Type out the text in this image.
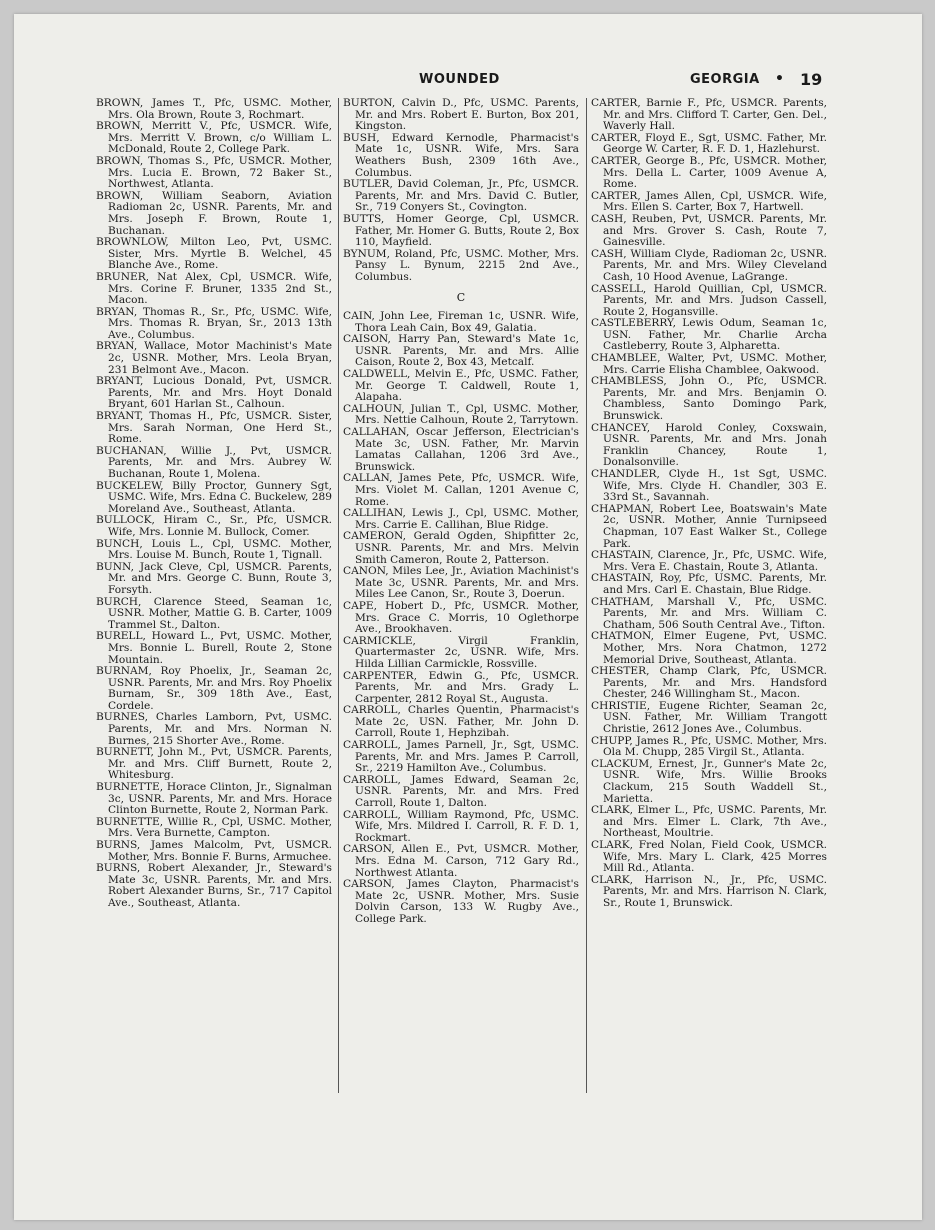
WOUNDED	GEORGIA • 19

BROWN, James T., Pfc, USMC. Mother, Mrs. Ola Brown, Route 3, Rochmart.

BROWN, Merritt V., Pfc, USMCR. Wife, Mrs. Merritt V. Brown, c/o William L. McDonald, Route 2, College Park.

BROWN, Thomas S., Pfc, USMCR. Mother, Mrs. Lucia E. Brown, 72 Baker St., Northwest, Atlanta.

BROWN, William Seaborn, Aviation Radioman 2c, USNR. Parents, Mr. and Mrs. Joseph F. Brown, Route 1, Buchanan.

BROWNLOW, Milton Leo, Pvt, USMC. Sister, Mrs. Myrtle B. Welchel, 45 Blanche Ave., Rome.

BRUNER, Nat Alex, Cpl, USMCR. Wife, Mrs. Corine F. Bruner, 1335 2nd St., Macon.

BRYAN, Thomas R., Sr., Pfc, USMC. Wife, Mrs. Thomas R. Bryan, Sr., 2013 13th Ave., Columbus.

BRYAN, Wallace, Motor Machinist's Mate 2c, USNR. Mother, Mrs. Leola Bryan, 231 Belmont Ave., Macon.

BRYANT, Lucious Donald, Pvt, USMCR. Parents, Mr. and Mrs. Hoyt Donald Bryant, 601 Harlan St., Calhoun.

BRYANT, Thomas H., Pfc, USMCR. Sister, Mrs. Sarah Norman, One Herd St., Rome.

BUCHANAN, Willie J., Pvt, USMCR. Parents, Mr. and Mrs. Aubrey W. Buchanan, Route 1, Molena.

BUCKELEW, Billy Proctor, Gunnery Sgt, USMC. Wife, Mrs. Edna C. Buckelew, 289 Moreland Ave., Southeast, Atlanta.

BULLOCK, Hiram C., Sr., Pfc, USMCR. Wife, Mrs. Lonnie M. Bullock, Comer.

BUNCH, Louis L., Cpl, USMC. Mother, Mrs. Louise M. Bunch, Route 1, Tignall.

BUNN, Jack Cleve, Cpl, USMCR. Parents, Mr. and Mrs. George C. Bunn, Route 3, Forsyth.

BURCH, Clarence Steed, Seaman 1c, USNR. Mother, Mattie G. B. Carter, 1009 Trammel St., Dalton.

BURELL, Howard L., Pvt, USMC. Mother, Mrs. Bonnie L. Burell, Route 2, Stone Mountain.

BURNAM, Roy Phoelix, Jr., Seaman 2c, USNR. Parents, Mr. and Mrs. Roy Phoelix Burnam, Sr., 309 18th Ave., East, Cordele.

BURNES, Charles Lamborn, Pvt, USMC. Parents, Mr. and Mrs. Norman N. Burnes, 215 Shorter Ave., Rome.

BURNETT, John M., Pvt, USMCR. Parents, Mr. and Mrs. Cliff Burnett, Route 2, Whitesburg.

BURNETTE, Horace Clinton, Jr., Signalman 3c, USNR. Parents, Mr. and Mrs. Horace Clinton Burnette, Route 2, Norman Park.

BURNETTE, Willie R., Cpl, USMC. Mother, Mrs. Vera Burnette, Campton.

BURNS, James Malcolm, Pvt, USMCR. Mother, Mrs. Bonnie F. Burns, Armuchee.

BURNS, Robert Alexander, Jr., Steward's Mate 3c, USNR. Parents, Mr. and Mrs. Robert Alexander Burns, Sr., 717 Capitol Ave., Southeast, Atlanta.

BURTON, Calvin D., Pfc, USMC. Parents, Mr. and Mrs. Robert E. Burton, Box 201, Kingston.

BUSH, Edward Kernodle, Pharmacist's Mate 1c, USNR. Wife, Mrs. Sara Weathers Bush, 2309 16th Ave., Columbus.

BUTLER, David Coleman, Jr., Pfc, USMCR. Parents, Mr. and Mrs. David C. Butler, Sr., 719 Conyers St., Covington.

BUTTS, Homer George, Cpl, USMCR. Father, Mr. Homer G. Butts, Route 2, Box 110, Mayfield.

BYNUM, Roland, Pfc, USMC. Mother, Mrs. Pansy L. Bynum, 2215 2nd Ave., Columbus.

C

CAIN, John Lee, Fireman 1c, USNR. Wife, Thora Leah Cain, Box 49, Galatia.

CAISON, Harry Pan, Steward's Mate 1c, USNR. Parents, Mr. and Mrs. Allie Caison, Route 2, Box 43, Metcalf.

CALDWELL, Melvin E., Pfc, USMC. Father, Mr. George T. Caldwell, Route 1, Alapaha.

CALHOUN, Julian T., Cpl, USMC. Mother, Mrs. Nettie Calhoun, Route 2, Tarrytown.

CALLAHAN, Oscar Jefferson, Electrician's Mate 3c, USN. Father, Mr. Marvin Lamatas Callahan, 1206 3rd Ave., Brunswick.

CALLAN, James Pete, Pfc, USMCR. Wife, Mrs. Violet M. Callan, 1201 Avenue C, Rome.

CALLIHAN, Lewis J., Cpl, USMC. Mother, Mrs. Carrie E. Callihan, Blue Ridge.

CAMERON, Gerald Ogden, Shipfitter 2c, USNR. Parents, Mr. and Mrs. Melvin Smith Cameron, Route 2, Patterson.

CANON, Miles Lee, Jr., Aviation Machinist's Mate 3c, USNR. Parents, Mr. and Mrs. Miles Lee Canon, Sr., Route 3, Doerun.

CAPE, Hobert D., Pfc, USMCR. Mother, Mrs. Grace C. Morris, 10 Oglethorpe Ave., Brookhaven.

CARMICKLE, Virgil Franklin, Quartermaster 2c, USNR. Wife, Mrs. Hilda Lillian Carmickle, Rossville.

CARPENTER, Edwin G., Pfc, USMCR. Parents, Mr. and Mrs. Grady L. Carpenter, 2812 Royal St., Augusta.

CARROLL, Charles Quentin, Pharmacist's Mate 2c, USN. Father, Mr. John D. Carroll, Route 1, Hephzibah.

CARROLL, James Parnell, Jr., Sgt, USMC. Parents, Mr. and Mrs. James P. Carroll, Sr., 2219 Hamilton Ave., Columbus.

CARROLL, James Edward, Seaman 2c, USNR. Parents, Mr. and Mrs. Fred Carroll, Route 1, Dalton.

CARROLL, William Raymond, Pfc, USMC. Wife, Mrs. Mildred I. Carroll, R. F. D. 1, Rockmart.

CARSON, Allen E., Pvt, USMCR. Mother, Mrs. Edna M. Carson, 712 Gary Rd., Northwest Atlanta.

CARSON, James Clayton, Pharmacist's Mate 2c, USNR. Mother, Mrs. Susie Dolvin Carson, 133 W. Rugby Ave., College Park.

CARTER, Barnie F., Pfc, USMCR. Parents, Mr. and Mrs. Clifford T. Carter, Gen. Del., Waverly Hall.

CARTER, Floyd E., Sgt, USMC. Father, Mr. George W. Carter, R. F. D. 1, Hazlehurst.

CARTER, George B., Pfc, USMCR. Mother, Mrs. Della L. Carter, 1009 Avenue A, Rome.

CARTER, James Allen, Cpl, USMCR. Wife, Mrs. Ellen S. Carter, Box 7, Hartwell.

CASH, Reuben, Pvt, USMCR. Parents, Mr. and Mrs. Grover S. Cash, Route 7, Gainesville.

CASH, William Clyde, Radioman 2c, USNR. Parents, Mr. and Mrs. Wiley Cleveland Cash, 10 Hood Avenue, LaGrange.

CASSELL, Harold Quillian, Cpl, USMCR. Parents, Mr. and Mrs. Judson Cassell, Route 2, Hogansville.

CASTLEBERRY, Lewis Odum, Seaman 1c, USN. Father, Mr. Charlie Archa Castleberry, Route 3, Alpharetta.

CHAMBLEE, Walter, Pvt, USMC. Mother, Mrs. Carrie Elisha Chamblee, Oakwood.

CHAMBLESS, John O., Pfc, USMCR. Parents, Mr. and Mrs. Benjamin O. Chambless, Santo Domingo Park, Brunswick.

CHANCEY, Harold Conley, Coxswain, USNR. Parents, Mr. and Mrs. Jonah Franklin Chancey, Route 1, Donalsonville.

CHANDLER, Clyde H., 1st Sgt, USMC. Wife, Mrs. Clyde H. Chandler, 303 E. 33rd St., Savannah.

CHAPMAN, Robert Lee, Boatswain's Mate 2c, USNR. Mother, Annie Turnipseed Chapman, 107 East Walker St., College Park.

CHASTAIN, Clarence, Jr., Pfc, USMC. Wife, Mrs. Vera E. Chastain, Route 3, Atlanta.

CHASTAIN, Roy, Pfc, USMC. Parents, Mr. and Mrs. Carl E. Chastain, Blue Ridge.

CHATHAM, Marshall V., Pfc, USMC. Parents, Mr. and Mrs. William C. Chatham, 506 South Central Ave., Tifton.

CHATMON, Elmer Eugene, Pvt, USMC. Mother, Mrs. Nora Chatmon, 1272 Memorial Drive, Southeast, Atlanta.

CHESTER, Champ Clark, Pfc, USMCR. Parents, Mr. and Mrs. Handsford Chester, 246 Willingham St., Macon.

CHRISTIE, Eugene Richter, Seaman 2c, USN. Father, Mr. William Trangott Christie, 2612 Jones Ave., Columbus.

CHUPP, James R., Pfc, USMC. Mother, Mrs. Ola M. Chupp, 285 Virgil St., Atlanta.

CLACKUM, Ernest, Jr., Gunner's Mate 2c, USNR. Wife, Mrs. Willie Brooks Clackum, 215 South Waddell St., Marietta.

CLARK, Elmer L., Pfc, USMC. Parents, Mr. and Mrs. Elmer L. Clark, 7th Ave., Northeast, Moultrie.

CLARK, Fred Nolan, Field Cook, USMCR. Wife, Mrs. Mary L. Clark, 425 Morres Mill Rd., Atlanta.

CLARK, Harrison N., Jr., Pfc, USMC. Parents, Mr. and Mrs. Harrison N. Clark, Sr., Route 1, Brunswick.
